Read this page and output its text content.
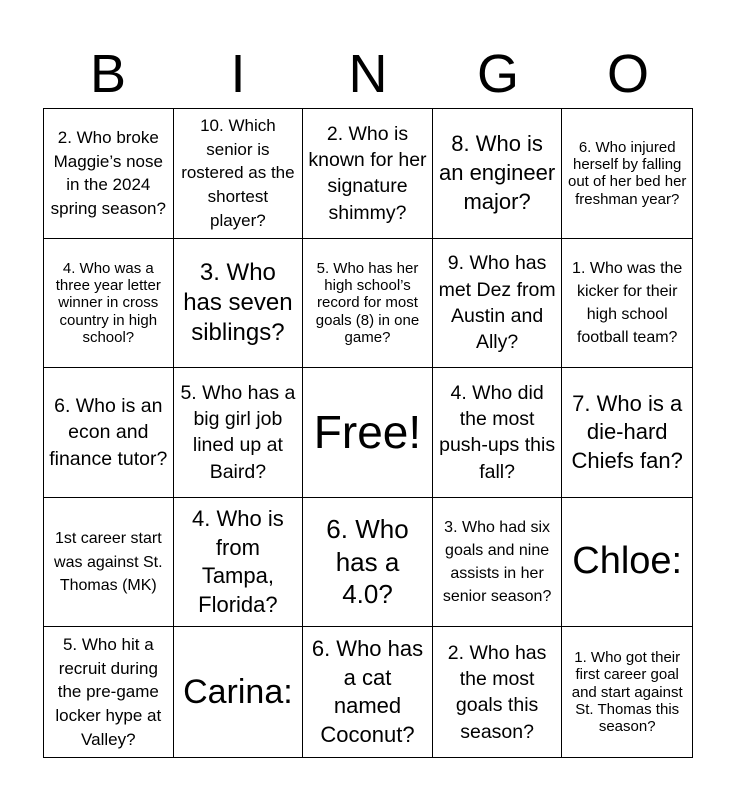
B	I	N	G	O
2. Who broke Maggie’s nose in the 2024 spring season?
10. Which senior is rostered as the shortest player?
2. Who is known for her signature shimmy?
8. Who is an engineer major?
6. Who injured herself by falling out of her bed her freshman year?
4. Who was a three year letter winner in cross country in high school?
3. Who has seven siblings?
5. Who has her high school’s record for most goals (8) in one game?
9. Who has met Dez from Austin and Ally?
1. Who was the kicker for their high school football team?
6. Who is an econ and finance tutor?
5. Who has a big girl job lined up at Baird?
Free!
4. Who did the most push-ups this fall?
7. Who is a die-hard Chiefs fan?
1st career start was against St. Thomas (MK)
4. Who is from Tampa, Florida?
6. Who has a 4.0?
3. Who had six goals and nine assists in her senior season?
Chloe:
5. Who hit a recruit during the pre-game locker hype at Valley?
Carina:
6. Who has a cat named Coconut?
2. Who has the most goals this season?
1. Who got their first career goal and start against St. Thomas this season?
